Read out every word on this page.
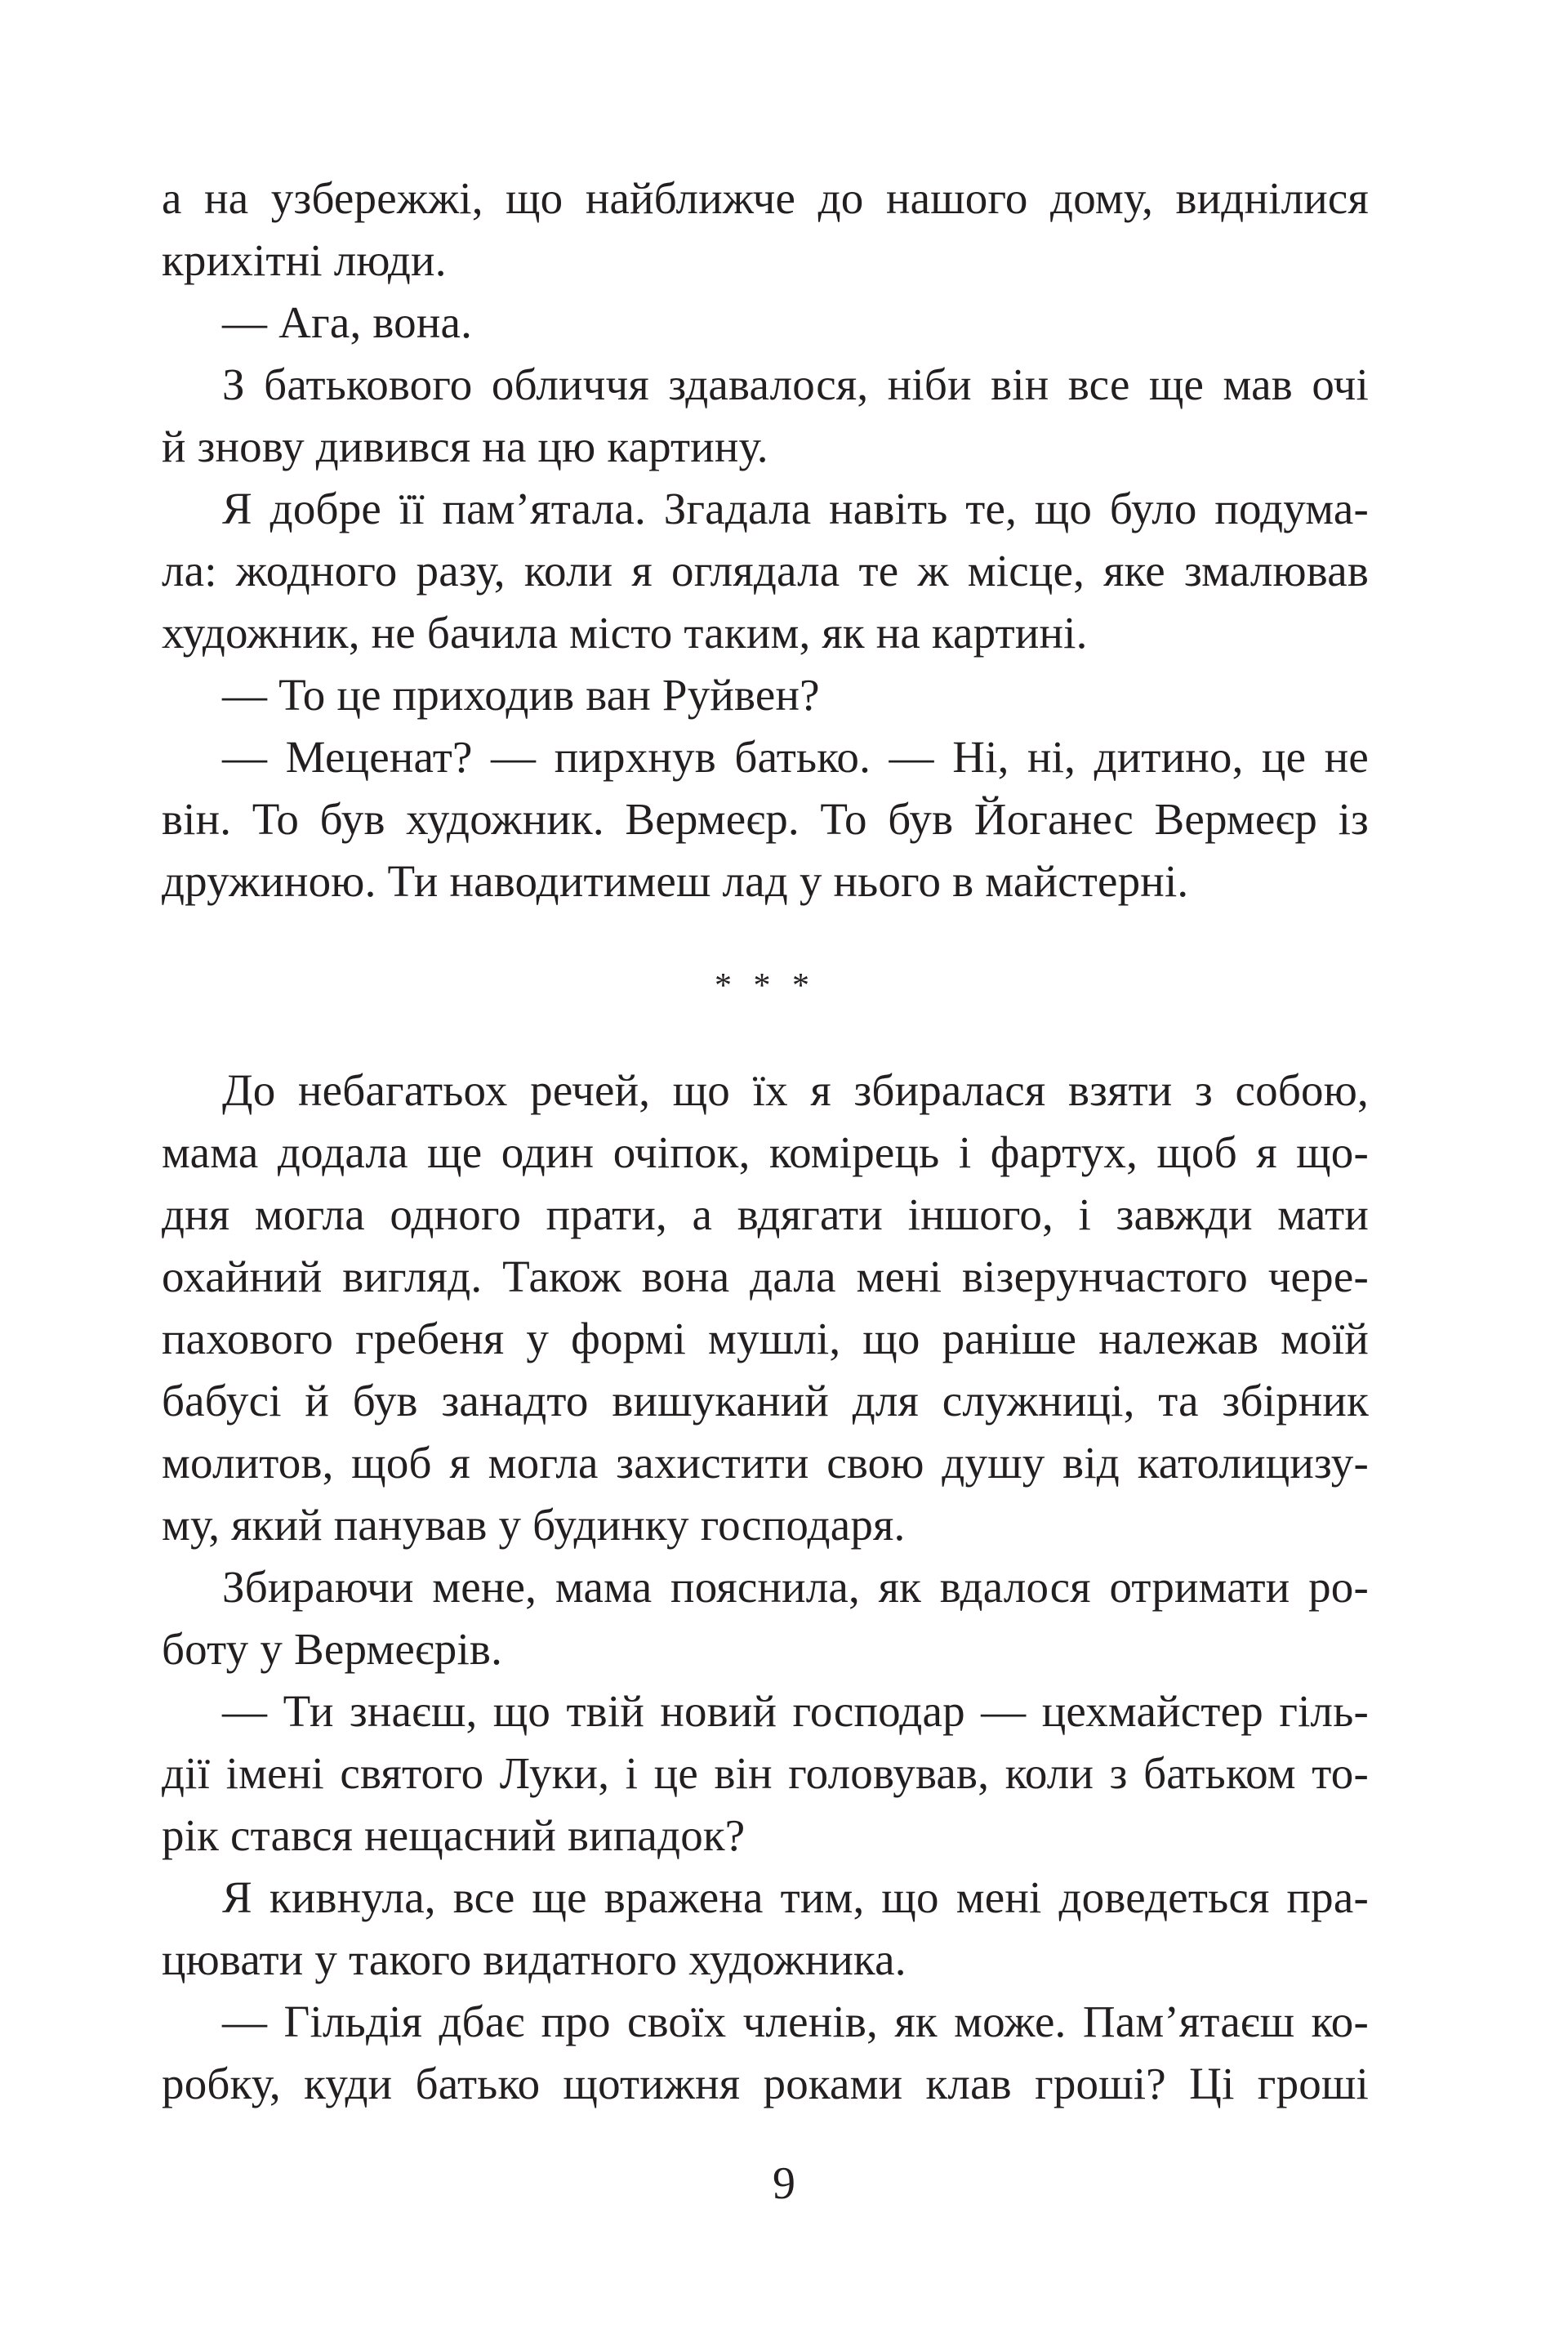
а на узбережжі, що найближче до нашого дому, виднілися
крихітні люди.
— Ага, вона.
З батькового обличчя здавалося, ніби він все ще мав очі
й знову дивився на цю картину.
Я добре її пам’ятала. Згадала навіть те, що було подума-
ла: жодного разу, коли я оглядала те ж місце, яке змалював
художник, не бачила місто таким, як на картині.
— То це приходив ван Руйвен?
— Меценат? — пирхнув батько. — Ні, ні, дитино, це не
він. То був художник. Вермеєр. То був Йоганес Вермеєр із
дружиною. Ти наводитимеш лад у нього в майстерні.
* * *
До небагатьох речей, що їх я збиралася взяти з собою,
мама додала ще один очіпок, комірець і фартух, щоб я що-
дня могла одного прати, а вдягати іншого, і завжди мати
охайний вигляд. Також вона дала мені візерунчастого чере-
пахового гребеня у формі мушлі, що раніше належав моїй
бабусі й був занадто вишуканий для служниці, та збірник
молитов, щоб я могла захистити свою душу від католицизу-
му, який панував у будинку господаря.
Збираючи мене, мама пояснила, як вдалося отримати ро-
боту у Вермеєрів.
— Ти знаєш, що твій новий господар — цехмайстер гіль-
дії імені святого Луки, і це він головував, коли з батьком то-
рік стався нещасний випадок?
Я кивнула, все ще вражена тим, що мені доведеться пра-
цювати у такого видатного художника.
— Гільдія дбає про своїх членів, як може. Пам’ятаєш ко-
робку, куди батько щотижня роками клав гроші? Ці гроші
9
